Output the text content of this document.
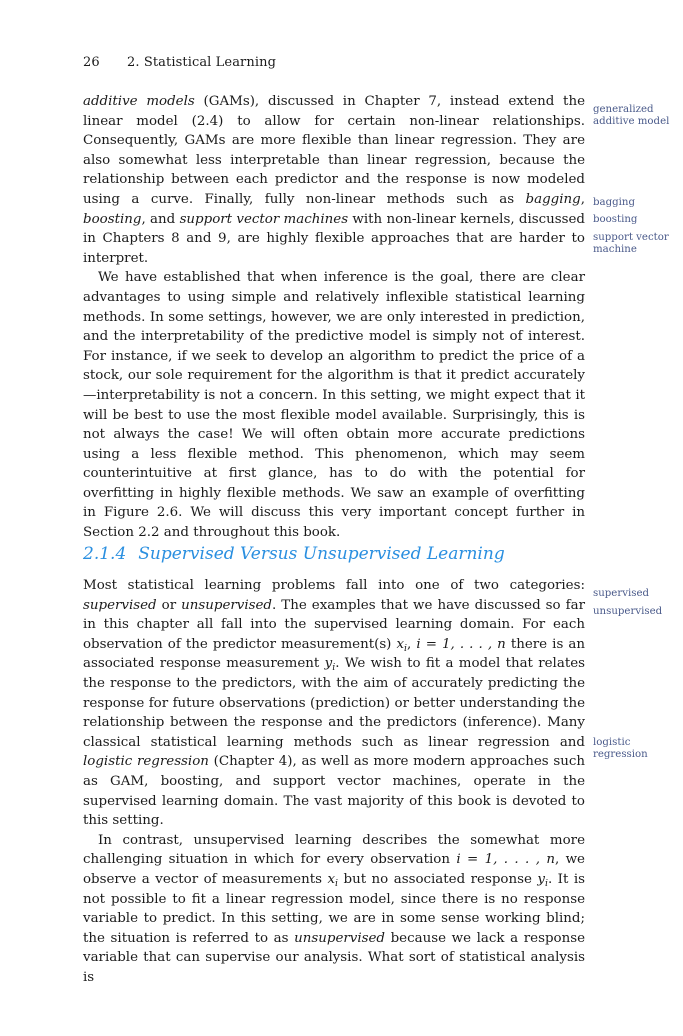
26 2. Statistical Learning

additive models (GAMs), discussed in Chapter 7, instead extend the linear model (2.4) to allow for certain non-linear relationships. Consequently, GAMs are more flexible than linear regression. They are also somewhat less interpretable than linear regression, because the relationship between each predictor and the response is now modeled using a curve. Finally, fully non-linear methods such as bagging, boosting, and support vector machines with non-linear kernels, discussed in Chapters 8 and 9, are highly flexible approaches that are harder to interpret.

We have established that when inference is the goal, there are clear advantages to using simple and relatively inflexible statistical learning methods. In some settings, however, we are only interested in prediction, and the interpretability of the predictive model is simply not of interest. For instance, if we seek to develop an algorithm to predict the price of a stock, our sole requirement for the algorithm is that it predict accurately—interpretability is not a concern. In this setting, we might expect that it will be best to use the most flexible model available. Surprisingly, this is not always the case! We will often obtain more accurate predictions using a less flexible method. This phenomenon, which may seem counterintuitive at first glance, has to do with the potential for overfitting in highly flexible methods. We saw an example of overfitting in Figure 2.6. We will discuss this very important concept further in Section 2.2 and throughout this book.

2.1.4 Supervised Versus Unsupervised Learning

Most statistical learning problems fall into one of two categories: supervised or unsupervised. The examples that we have discussed so far in this chapter all fall into the supervised learning domain. For each observation of the predictor measurement(s) $x_i$, i = 1, . . . , n there is an associated response measurement $y_i$. We wish to fit a model that relates the response to the predictors, with the aim of accurately predicting the response for future observations (prediction) or better understanding the relationship between the response and the predictors (inference). Many classical statistical learning methods such as linear regression and logistic regression (Chapter 4), as well as more modern approaches such as GAM, boosting, and support vector machines, operate in the supervised learning domain. The vast majority of this book is devoted to this setting.

In contrast, unsupervised learning describes the somewhat more challenging situation in which for every observation i = 1, . . . , n, we observe a vector of measurements $x_i$ but no associated response $y_i$. It is not possible to fit a linear regression model, since there is no response variable to predict. In this setting, we are in some sense working blind; the situation is referred to as unsupervised because we lack a response variable that can supervise our analysis. What sort of statistical analysis is

generalized additive model
bagging
boosting
support vector machine
supervised
unsupervised
logistic regression
